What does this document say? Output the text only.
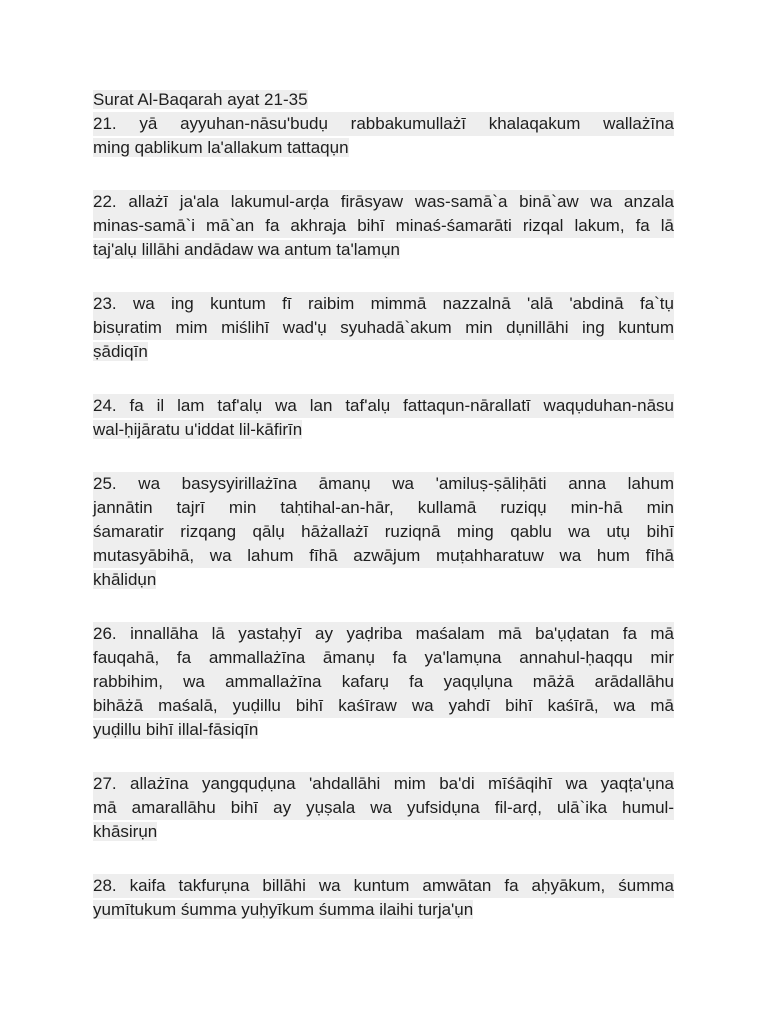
Surat Al-Baqarah ayat 21-35
21. yā ayyuhan-nāsu'budụ rabbakumullażī khalaqakum wallażīna
ming qablikum la'allakum tattaqụn
22. allażī ja'ala lakumul-arḍa firāsyaw was-samā`a binā`aw wa anzala
minas-samā`i mā`an fa akhraja bihī minaś-śamarāti rizqal lakum, fa lā
taj'alụ lillāhi andādaw wa antum ta'lamụn
23. wa ing kuntum fī raibim mimmā nazzalnā 'alā 'abdinā fa`tụ
bisụratim mim miślihī wad'ụ syuhadā`akum min dụnillāhi ing kuntum
ṣādiqīn
24. fa il lam taf'alụ wa lan taf'alụ fattaqun-nārallatī waqụduhan-nāsu
wal-ḥijāratu u'iddat lil-kāfirīn
25. wa basysyirillażīna āmanụ wa 'amiluṣ-ṣāliḥāti anna lahum
jannātin tajrī min taḥtihal-an-hār, kullamā ruziqụ min-hā min
śamaratir rizqang qālụ hāżallażī ruziqnā ming qablu wa utụ bihī
mutasyābihā, wa lahum fīhā azwājum muṭahharatuw wa hum fīhā
khālidụn
26. innallāha lā yastaḥyī ay yaḍriba maśalam mā ba'ụḍatan fa mā
fauqahā, fa ammallażīna āmanụ fa ya'lamụna annahul-ḥaqqu mir
rabbihim, wa ammallażīna kafarụ fa yaqụlụna māżā arādallāhu
bihāżā maśalā, yuḍillu bihī kaśīraw wa yahdī bihī kaśīrā, wa mā
yuḍillu bihī illal-fāsiqīn
27. allażīna yangquḍụna 'ahdallāhi mim ba'di mīśāqihī wa yaqṭa'ụna
mā amarallāhu bihī ay yụṣala wa yufsidụna fil-arḍ, ulā`ika humul-
khāsirụn
28. kaifa takfurụna billāhi wa kuntum amwātan fa aḥyākum, śumma
yumītukum śumma yuḥyīkum śumma ilaihi turja'ụn
